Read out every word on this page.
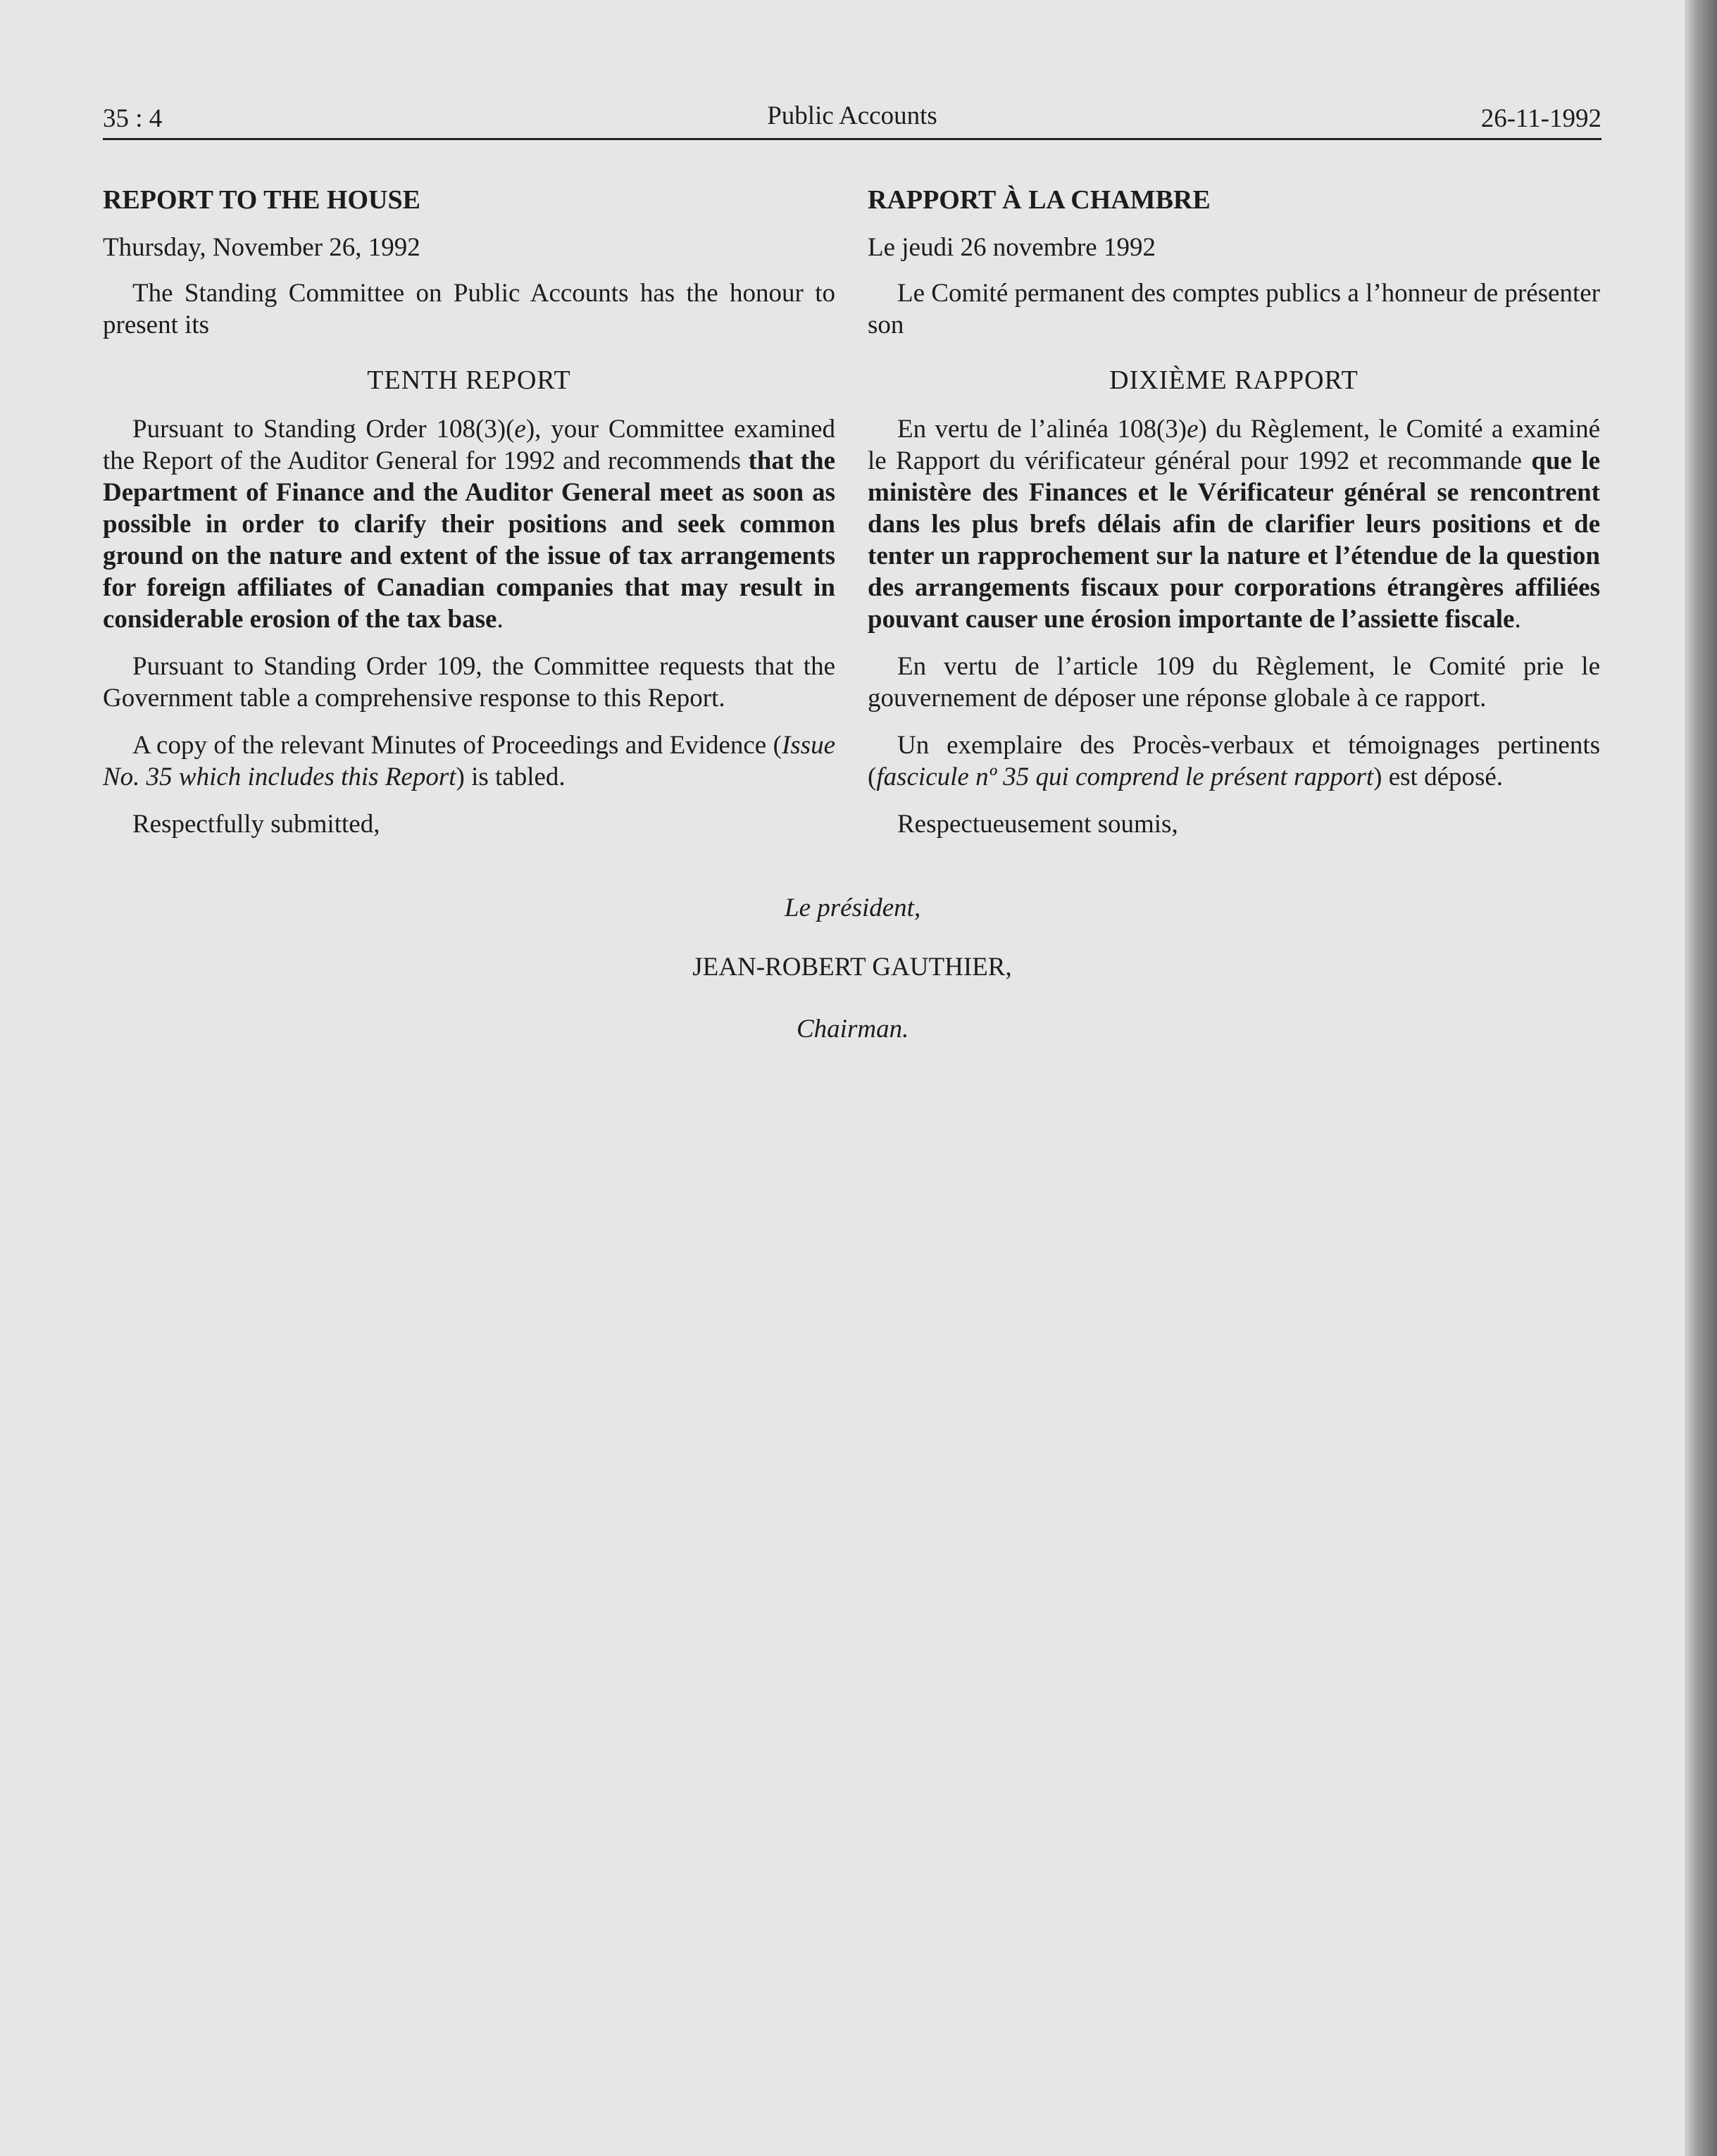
35 : 4	Public Accounts	26-11-1992

REPORT TO THE HOUSE

Thursday, November 26, 1992

The Standing Committee on Public Accounts has the honour to present its

TENTH REPORT

Pursuant to Standing Order 108(3)(e), your Committee examined the Report of the Auditor General for 1992 and recommends that the Department of Finance and the Auditor General meet as soon as possible in order to clarify their positions and seek common ground on the nature and extent of the issue of tax arrangements for foreign affiliates of Canadian companies that may result in considerable erosion of the tax base.

Pursuant to Standing Order 109, the Committee requests that the Government table a comprehensive response to this Report.

A copy of the relevant Minutes of Proceedings and Evidence (Issue No. 35 which includes this Report) is tabled.

Respectfully submitted,

RAPPORT À LA CHAMBRE

Le jeudi 26 novembre 1992

Le Comité permanent des comptes publics a l’honneur de présenter son

DIXIÈME RAPPORT

En vertu de l’alinéa 108(3)e) du Règlement, le Comité a examiné le Rapport du vérificateur général pour 1992 et recommande que le ministère des Finances et le Vérificateur général se rencontrent dans les plus brefs délais afin de clarifier leurs positions et de tenter un rapprochement sur la nature et l’étendue de la question des arrangements fiscaux pour corporations étrangères affiliées pouvant causer une érosion importante de l’assiette fiscale.

En vertu de l’article 109 du Règlement, le Comité prie le gouvernement de déposer une réponse globale à ce rapport.

Un exemplaire des Procès-verbaux et témoignages pertinents (fascicule nº 35 qui comprend le présent rapport) est déposé.

Respectueusement soumis,

Le président,
JEAN-ROBERT GAUTHIER,
Chairman.
